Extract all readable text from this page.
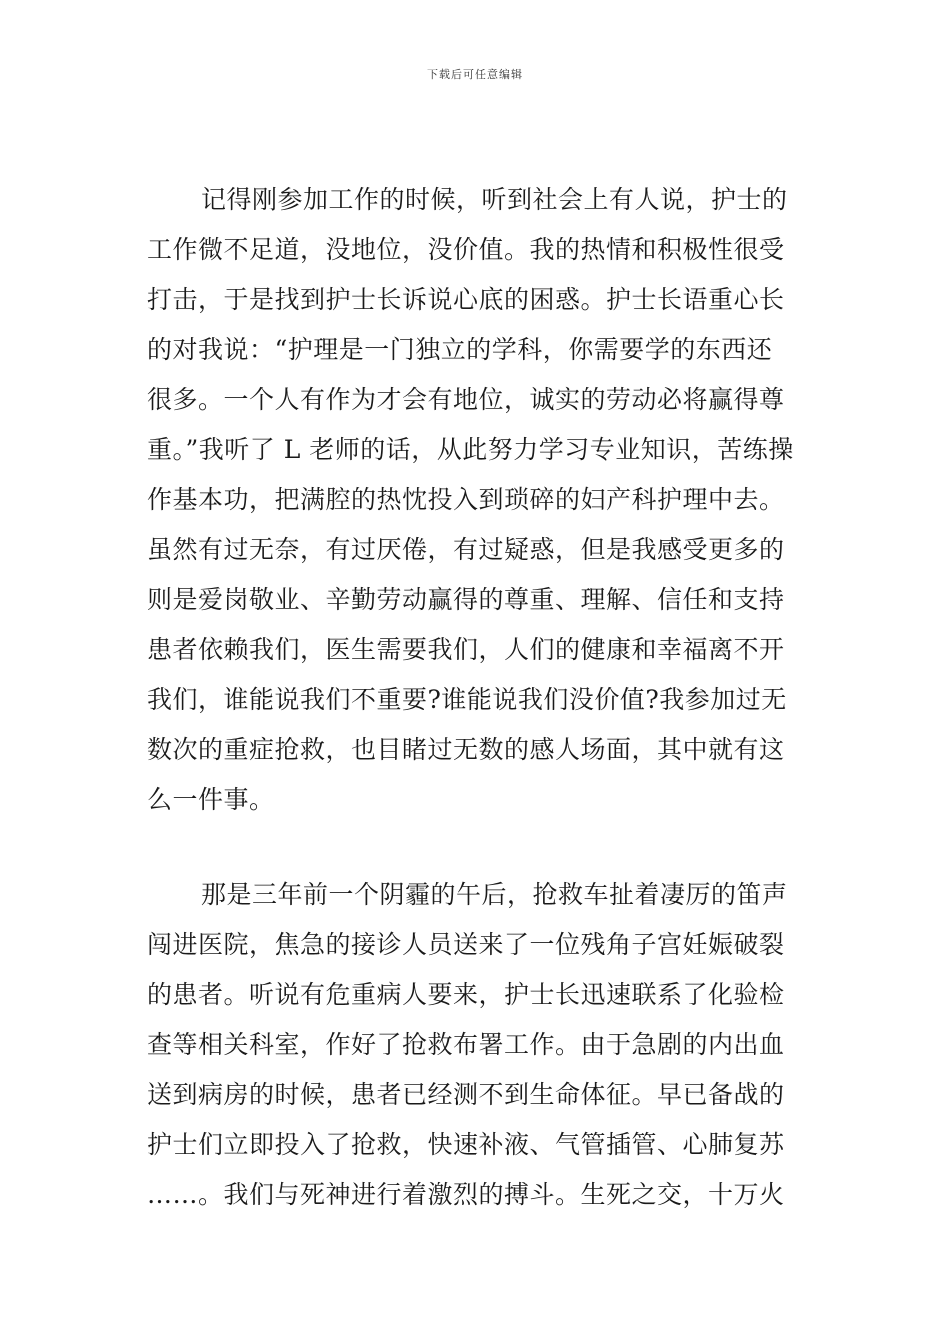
下载后可任意编辑
记得刚参加工作的时候，听到社会上有人说，护士的
工作微不足道，没地位，没价值。我的热情和积极性很受
打击，于是找到护士长诉说心底的困惑。护士长语重心长
的对我说：“护理是一门独立的学科，你需要学的东西还
很多。一个人有作为才会有地位，诚实的劳动必将赢得尊
重。”我听了 L 老师的话，从此努力学习专业知识，苦练操
作基本功，把满腔的热忱投入到琐碎的妇产科护理中去。
虽然有过无奈，有过厌倦，有过疑惑，但是我感受更多的
则是爱岗敬业、辛勤劳动赢得的尊重、理解、信任和支持
患者依赖我们，医生需要我们，人们的健康和幸福离不开
我们，谁能说我们不重要?谁能说我们没价值?我参加过无
数次的重症抢救，也目睹过无数的感人场面，其中就有这
么一件事。
那是三年前一个阴霾的午后，抢救车扯着凄厉的笛声
闯进医院，焦急的接诊人员送来了一位残角子宫妊娠破裂
的患者。听说有危重病人要来，护士长迅速联系了化验检
查等相关科室，作好了抢救布署工作。由于急剧的内出血
送到病房的时候，患者已经测不到生命体征。早已备战的
护士们立即投入了抢救，快速补液、气管插管、心肺复苏
……。我们与死神进行着激烈的搏斗。生死之交，十万火
